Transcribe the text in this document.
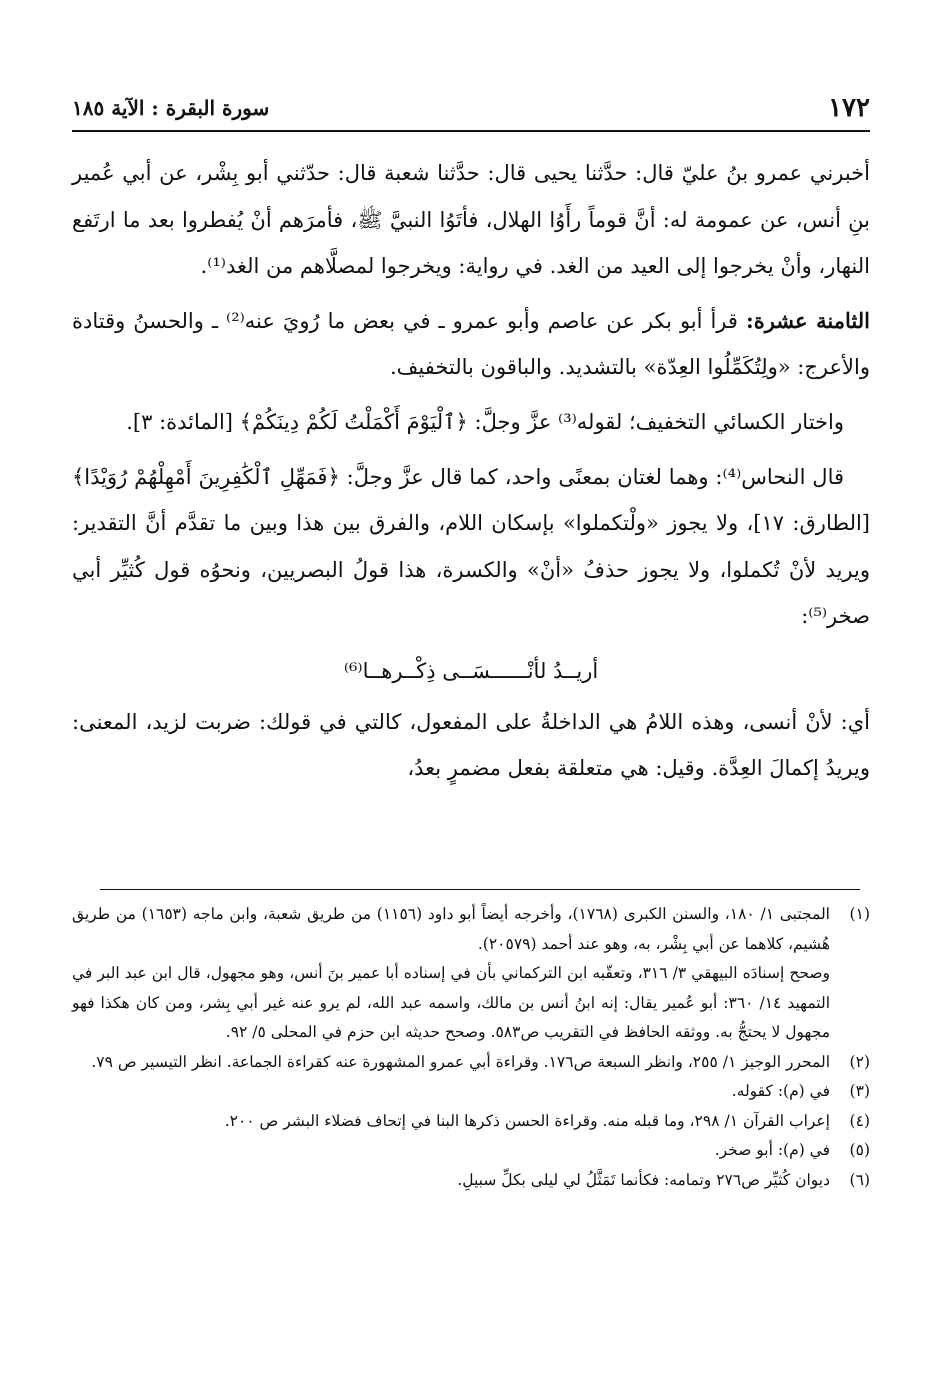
١٧٢
سورة البقرة : الآية ١٨٥

أخبرني عمرو بنُ عليّ قال: حدَّثنا يحيى قال: حدَّثنا شعبة قال: حدّثني أبو بِشْر، عن أبي عُمير بنِ أنس، عن عمومة له: أنَّ قوماً رأَوُا الهلال، فأتَوُا النبيَّ ﷺ، فأمرَهم أنْ يُفطروا بعد ما ارتَفع النهار، وأنْ يخرجوا إلى العيد من الغد. في رواية: ويخرجوا لمصلَّاهم من الغد⁽¹⁾.

الثامنة عشرة: قرأ أبو بكر عن عاصم وأبو عمرو ـ في بعض ما رُويَ عنه⁽²⁾ ـ والحسنُ وقتادة والأعرج: «ولِتُكَمِّلُوا العِدّة» بالتشديد. والباقون بالتخفيف.

واختار الكسائي التخفيف؛ لقوله⁽³⁾ عزَّ وجلَّ: ﴿ٱلْيَوْمَ أَكْمَلْتُ لَكُمْ دِينَكُمْ﴾ [المائدة: ٣].

قال النحاس⁽⁴⁾: وهما لغتان بمعنًى واحد، كما قال عزَّ وجلَّ: ﴿فَمَهِّلِ ٱلْكَٰفِرِينَ أَمْهِلْهُمْ رُوَيْدًا﴾ [الطارق: ١٧]، ولا يجوز «ولْتكملوا» بإسكان اللام، والفرق بين هذا وبين ما تقدَّم أنَّ التقدير: ويريد لأنْ تُكملوا، ولا يجوز حذفُ «أنْ» والكسرة، هذا قولُ البصريين، ونحوُه قول كُثيِّر أبي صخر⁽⁵⁾:

أريــدُ لأنْــــــسَــى ذِكْــرهــا⁽⁶⁾

أي: لأنْ أنسى، وهذه اللامُ هي الداخلةُ على المفعول، كالتي في قولك: ضربت لزيد، المعنى: ويريدُ إكمالَ العِدَّة. وقيل: هي متعلقة بفعل مضمرٍ بعدُ،

(١)
المجتبى ١/ ١٨٠، والسنن الكبرى (١٧٦٨)، وأخرجه أيضاً أبو داود (١١٥٦) من طريق شعبة، وابن ماجه (١٦٥٣) من طريق هُشيم، كلاهما عن أبي بِشْر، به، وهو عند أحمد (٢٠٥٧٩).
وصحح إسنادَه البيهقي ٣/ ٣١٦، وتعقّبه ابن التركماني بأن في إسناده أبا عمير بنَ أنس، وهو مجهول، قال ابن عبد البر في التمهيد ١٤/ ٣٦٠: أبو عُمير يقال: إنه ابنُ أنس بن مالك، واسمه عبد الله، لم يرو عنه غير أبي بِشر، ومن كان هكذا فهو مجهول لا يحتجُّ به. ووثقه الحافظ في التقريب ص٥٨٣. وصحح حديثه ابن حزم في المحلى ٥/ ٩٢.
(٢)
المحرر الوجيز ١/ ٢٥٥، وانظر السبعة ص١٧٦. وقراءة أبي عمرو المشهورة عنه كقراءة الجماعة. انظر التيسير ص ٧٩.
(٣)
في (م): كقوله.
(٤)
إعراب القرآن ١/ ٢٩٨، وما قبله منه. وقراءة الحسن ذكرها البنا في إتحاف فضلاء البشر ص ٢٠٠.
(٥)
في (م): أبو صخر.
(٦)
ديوان كُثيِّر ص٢٧٦ وتمامه: فكأنما تَمَثَّلُ لي ليلى بكلِّ سبيلِ.
